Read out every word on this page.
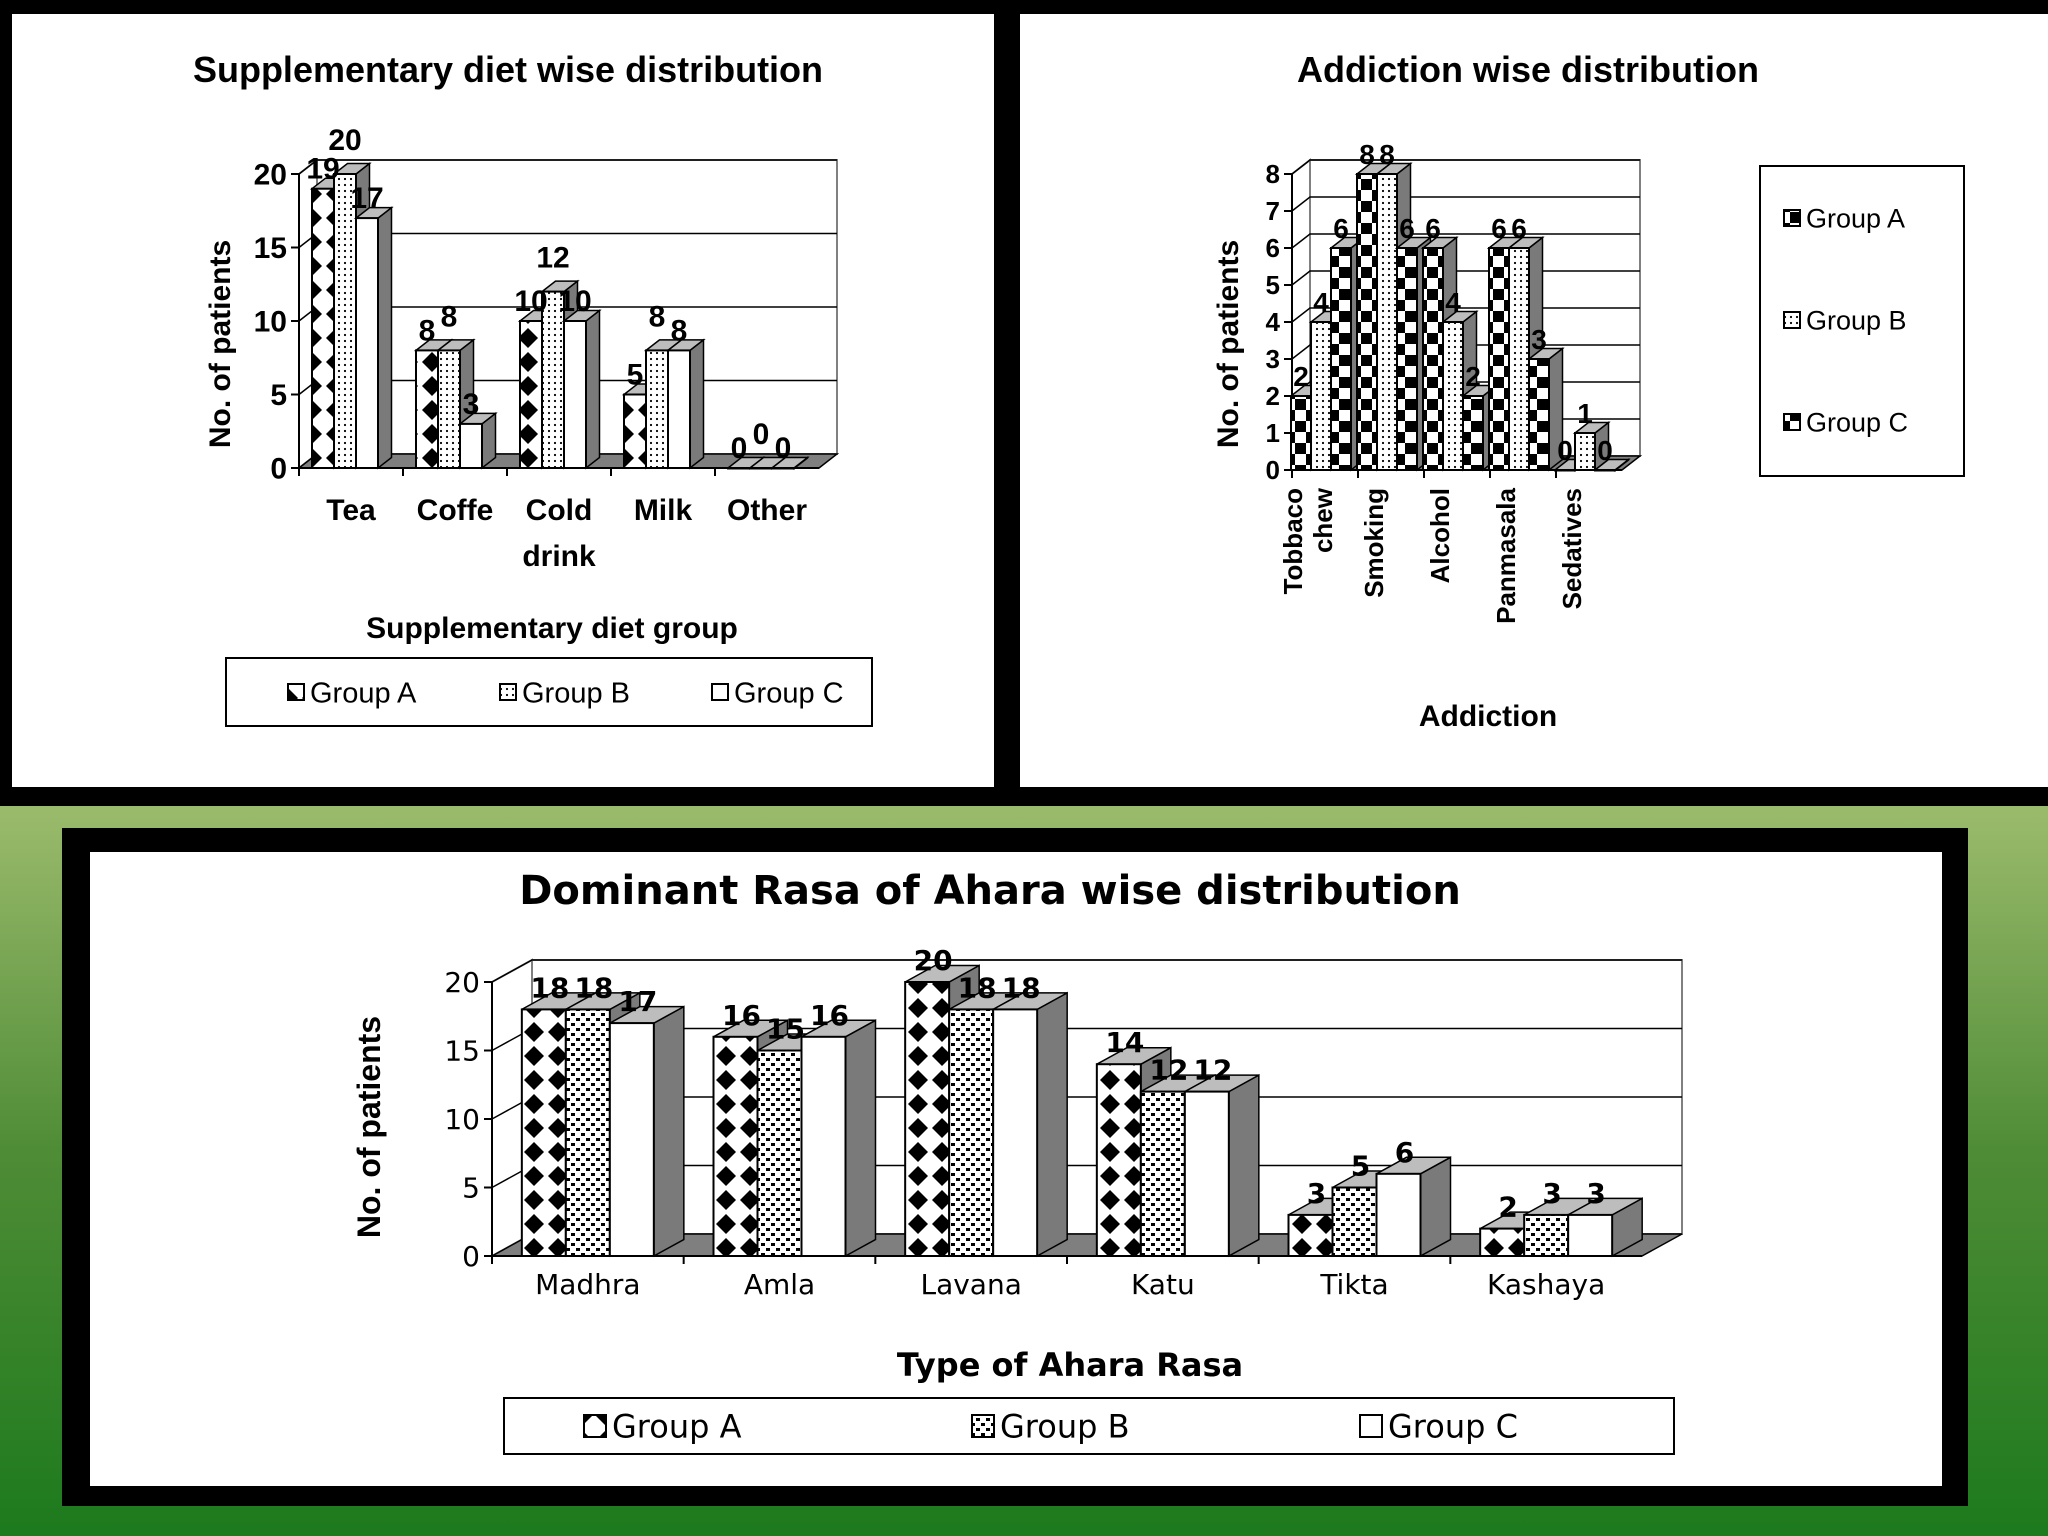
Supplementary diet wise distribution
0
5
10
15
20 19
20
17
Tea
8 8
3
Coffe
10
12
10
Cold
drink
5
8 8
Milk
0 0 0
Other
Supplementary diet group
No. of patients
Group A	Group B	Group C
Addiction wise distribution
0
1
2
3
4
5
6
7
8
2
4
6
Tobbaco chew
8 8
6
Smoking
6
4
2
Alcohol
6 6
3
Panmasala
0
1
0
Sedatives
Addiction
No. of patients
Group A
Group B
Group C
Dominant Rasa of Ahara wise distribution
0
5
10
15
20 18 18 17
Madhra
16 15 16
Amla
20
18 18
Lavana
14
12 12
Katu
3
5 6
Tikta
2 3 3
Kashaya
Type of Ahara Rasa
No. of patients
Group A	Group B	Group C
